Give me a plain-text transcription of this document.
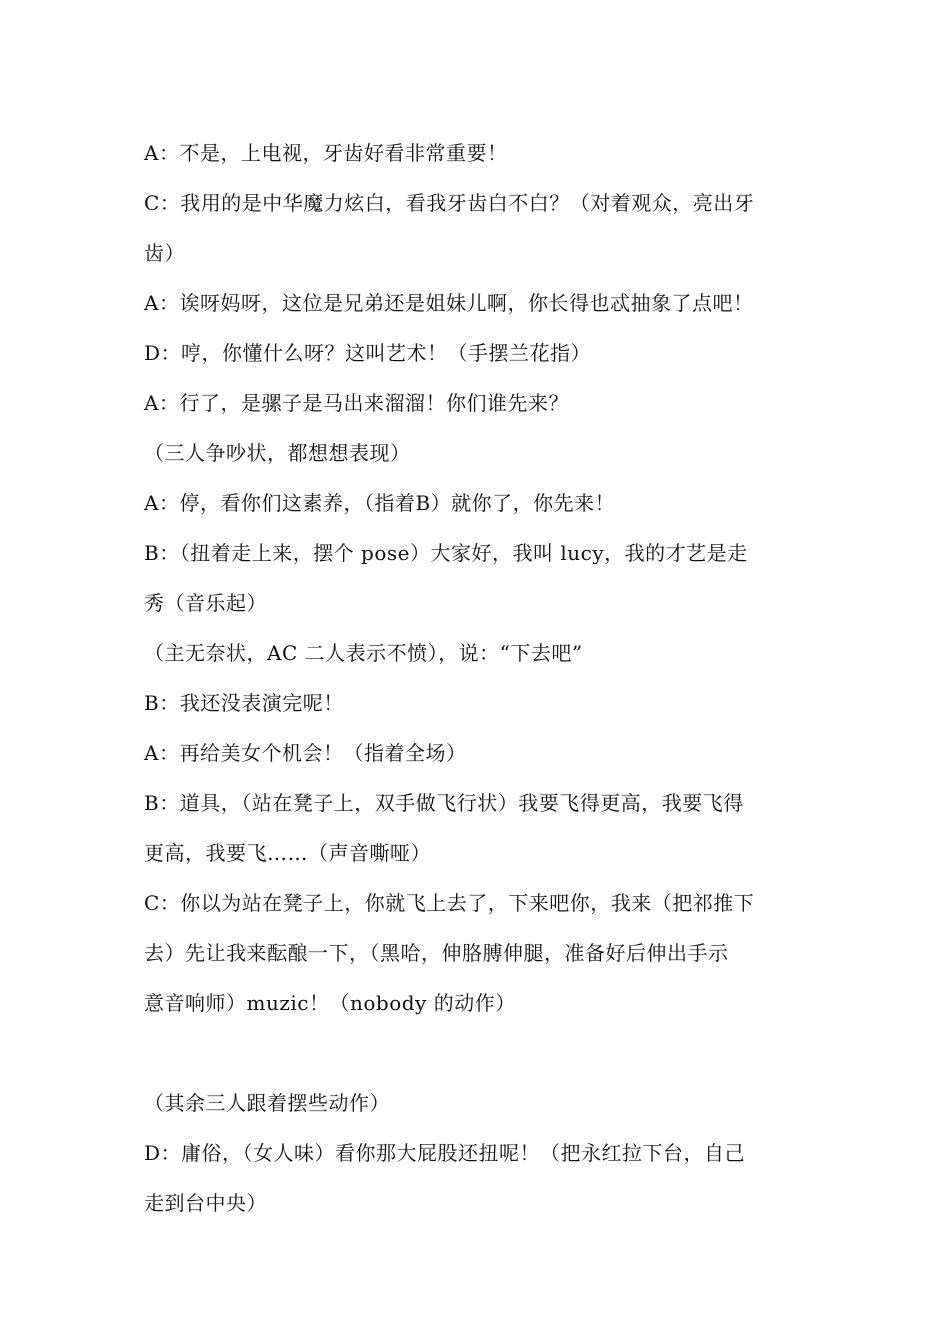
A：不是，上电视，牙齿好看非常重要！
C：我用的是中华魔力炫白，看我牙齿白不白？（对着观众，亮出牙
齿）
A：诶呀妈呀，这位是兄弟还是姐妹儿啊，你长得也忒抽象了点吧！
D：哼，你懂什么呀？这叫艺术！（手摆兰花指）
A：行了，是骡子是马出来溜溜！你们谁先来？
（三人争吵状，都想想表现）
A：停，看你们这素养，（指着B）就你了，你先来！
B：（扭着走上来，摆个 pose）大家好，我叫 lucy，我的才艺是走
秀（音乐起）
（主无奈状，AC 二人表示不愤），说：“下去吧”
B：我还没表演完呢！
A：再给美女个机会！（指着全场）
B：道具，（站在凳子上，双手做飞行状）我要飞得更高，我要飞得
更高，我要飞……（声音嘶哑）
C：你以为站在凳子上，你就飞上去了，下来吧你，我来（把祁推下
去）先让我来酝酿一下，（黑哈，伸胳膊伸腿，准备好后伸出手示
意音响师）muzic！（nobody 的动作）
（其余三人跟着摆些动作）
D：庸俗，（女人味）看你那大屁股还扭呢！（把永红拉下台，自己
走到台中央）
